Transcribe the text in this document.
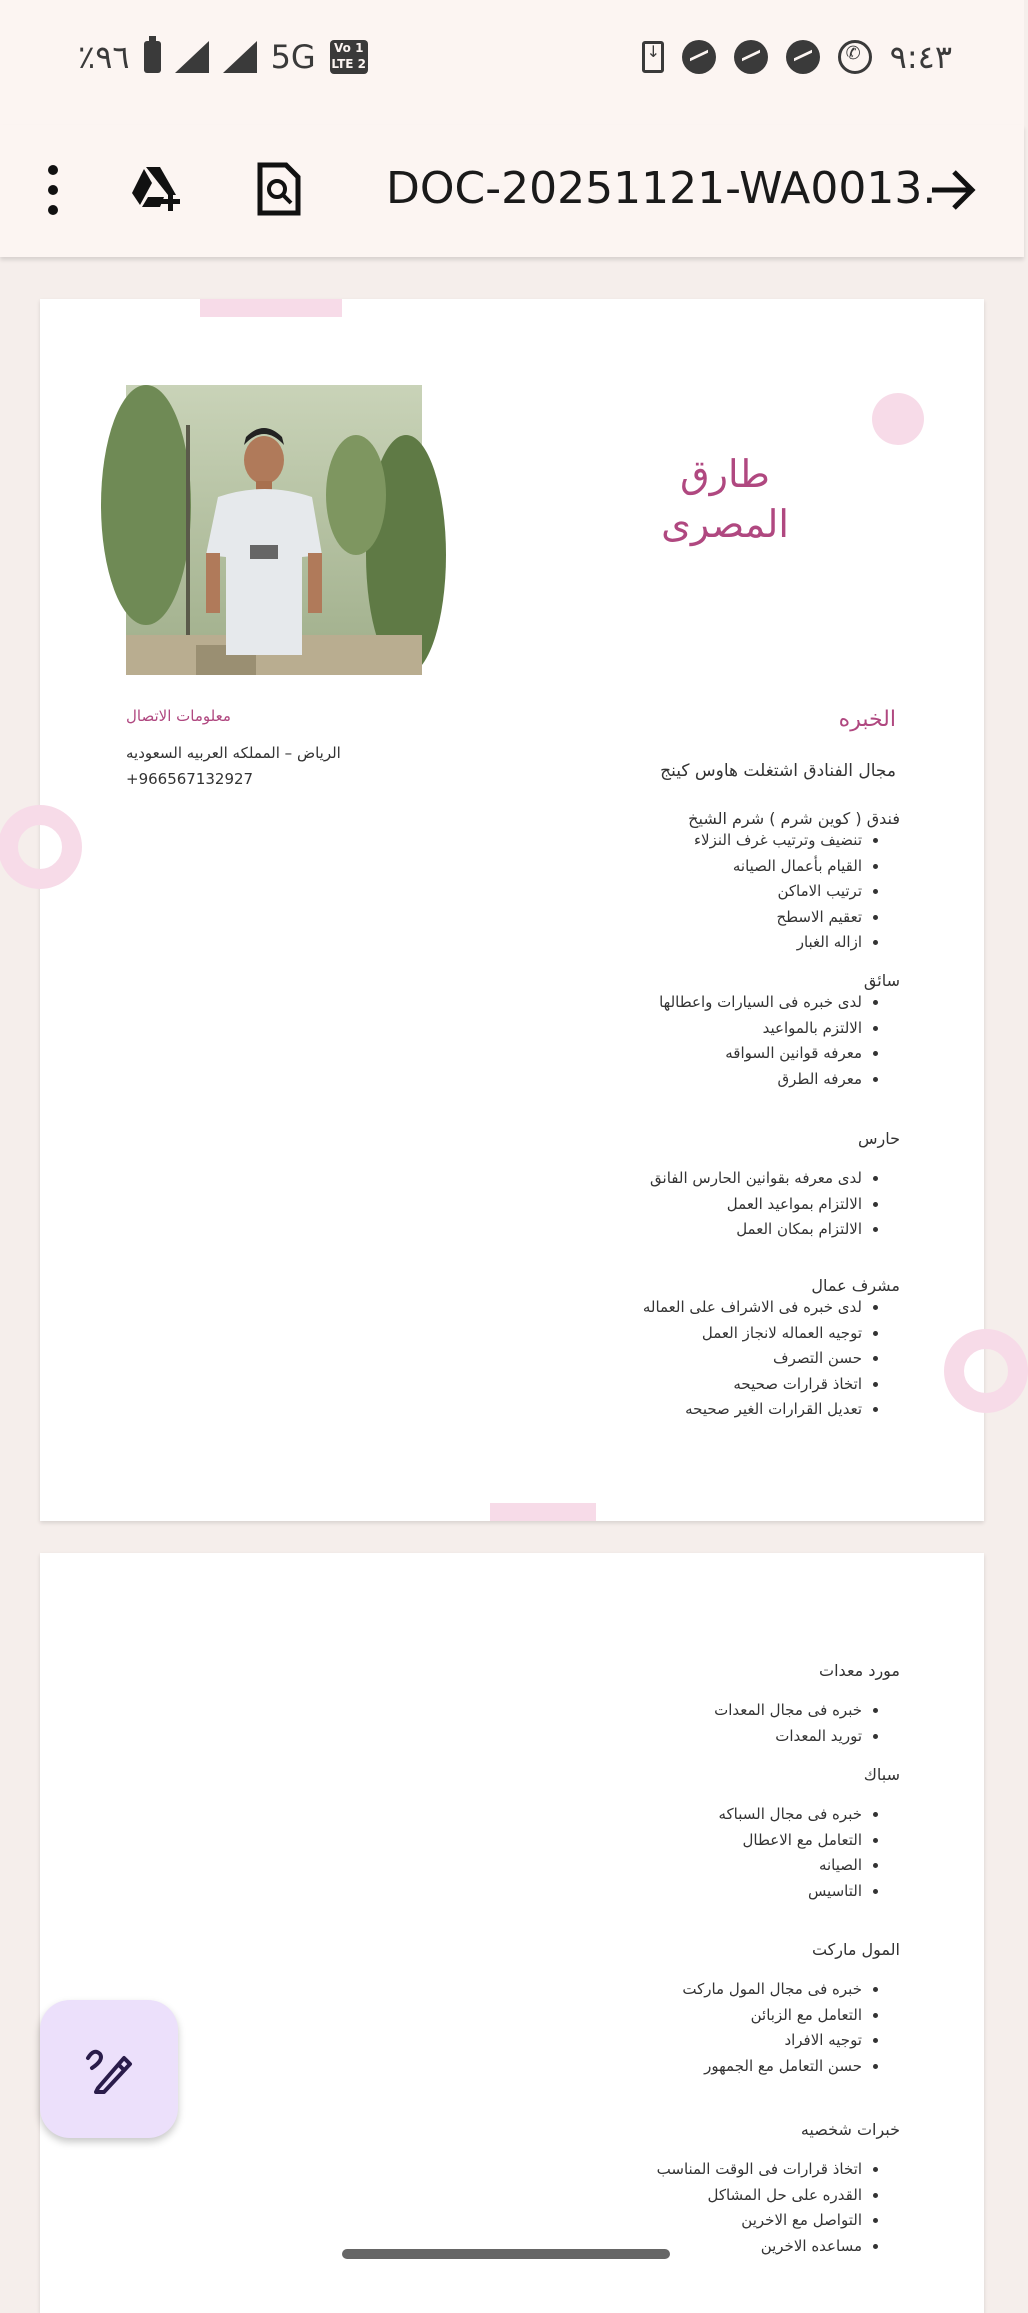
٪٩٦	5G	Vo 1
LTE 2 ↓ ✆	٩:٤٣
DOC-20251121-WA0013.
طارق
المصرى
معلومات الاتصال
الرياض – المملكه العربيه السعوديه
+966567132927
الخبره
مجال الفنادق اشتغلت هاوس كينج
فندق ( كوين شرم ) شرم الشيخ
• تنضيف وترتيب غرف النزلاء
• القيام بأعمال الصيانه
• ترتيب الاماكن
• تعقيم الاسطح
• ازاله الغبار
سائق
• لدى خبره فى السيارات واعطالها
• الالتزم بالمواعيد
• معرفه قوانين السواقه
• معرفه الطرق
حارس
• لدى معرفه بقوانين الحارس الفانق
• الالتزام بمواعيد العمل
• الالتزام بمكان العمل
مشرف عمال
• لدى خبره فى الاشراف على العماله
• توجيه العماله لانجاز العمل
• حسن التصرف
• اتخاذ قرارات صحيحه
• تعديل القرارات الغير صحيحه
مورد معدات
• خبره فى مجال المعدات
• توريد المعدات
سباك
• خبره فى مجال السباكه
• التعامل مع الاعطال
• الصيانه
• التاسيس
المول ماركت
• خبره فى مجال المول ماركت
• التعامل مع الزبائن
• توجيه الافراد
• حسن التعامل مع الجمهور
خبرات شخصيه
• اتخاذ قرارات فى الوقت المناسب
• القدره على حل المشاكل
• التواصل مع الاخرين
• مساعده الاخرين
